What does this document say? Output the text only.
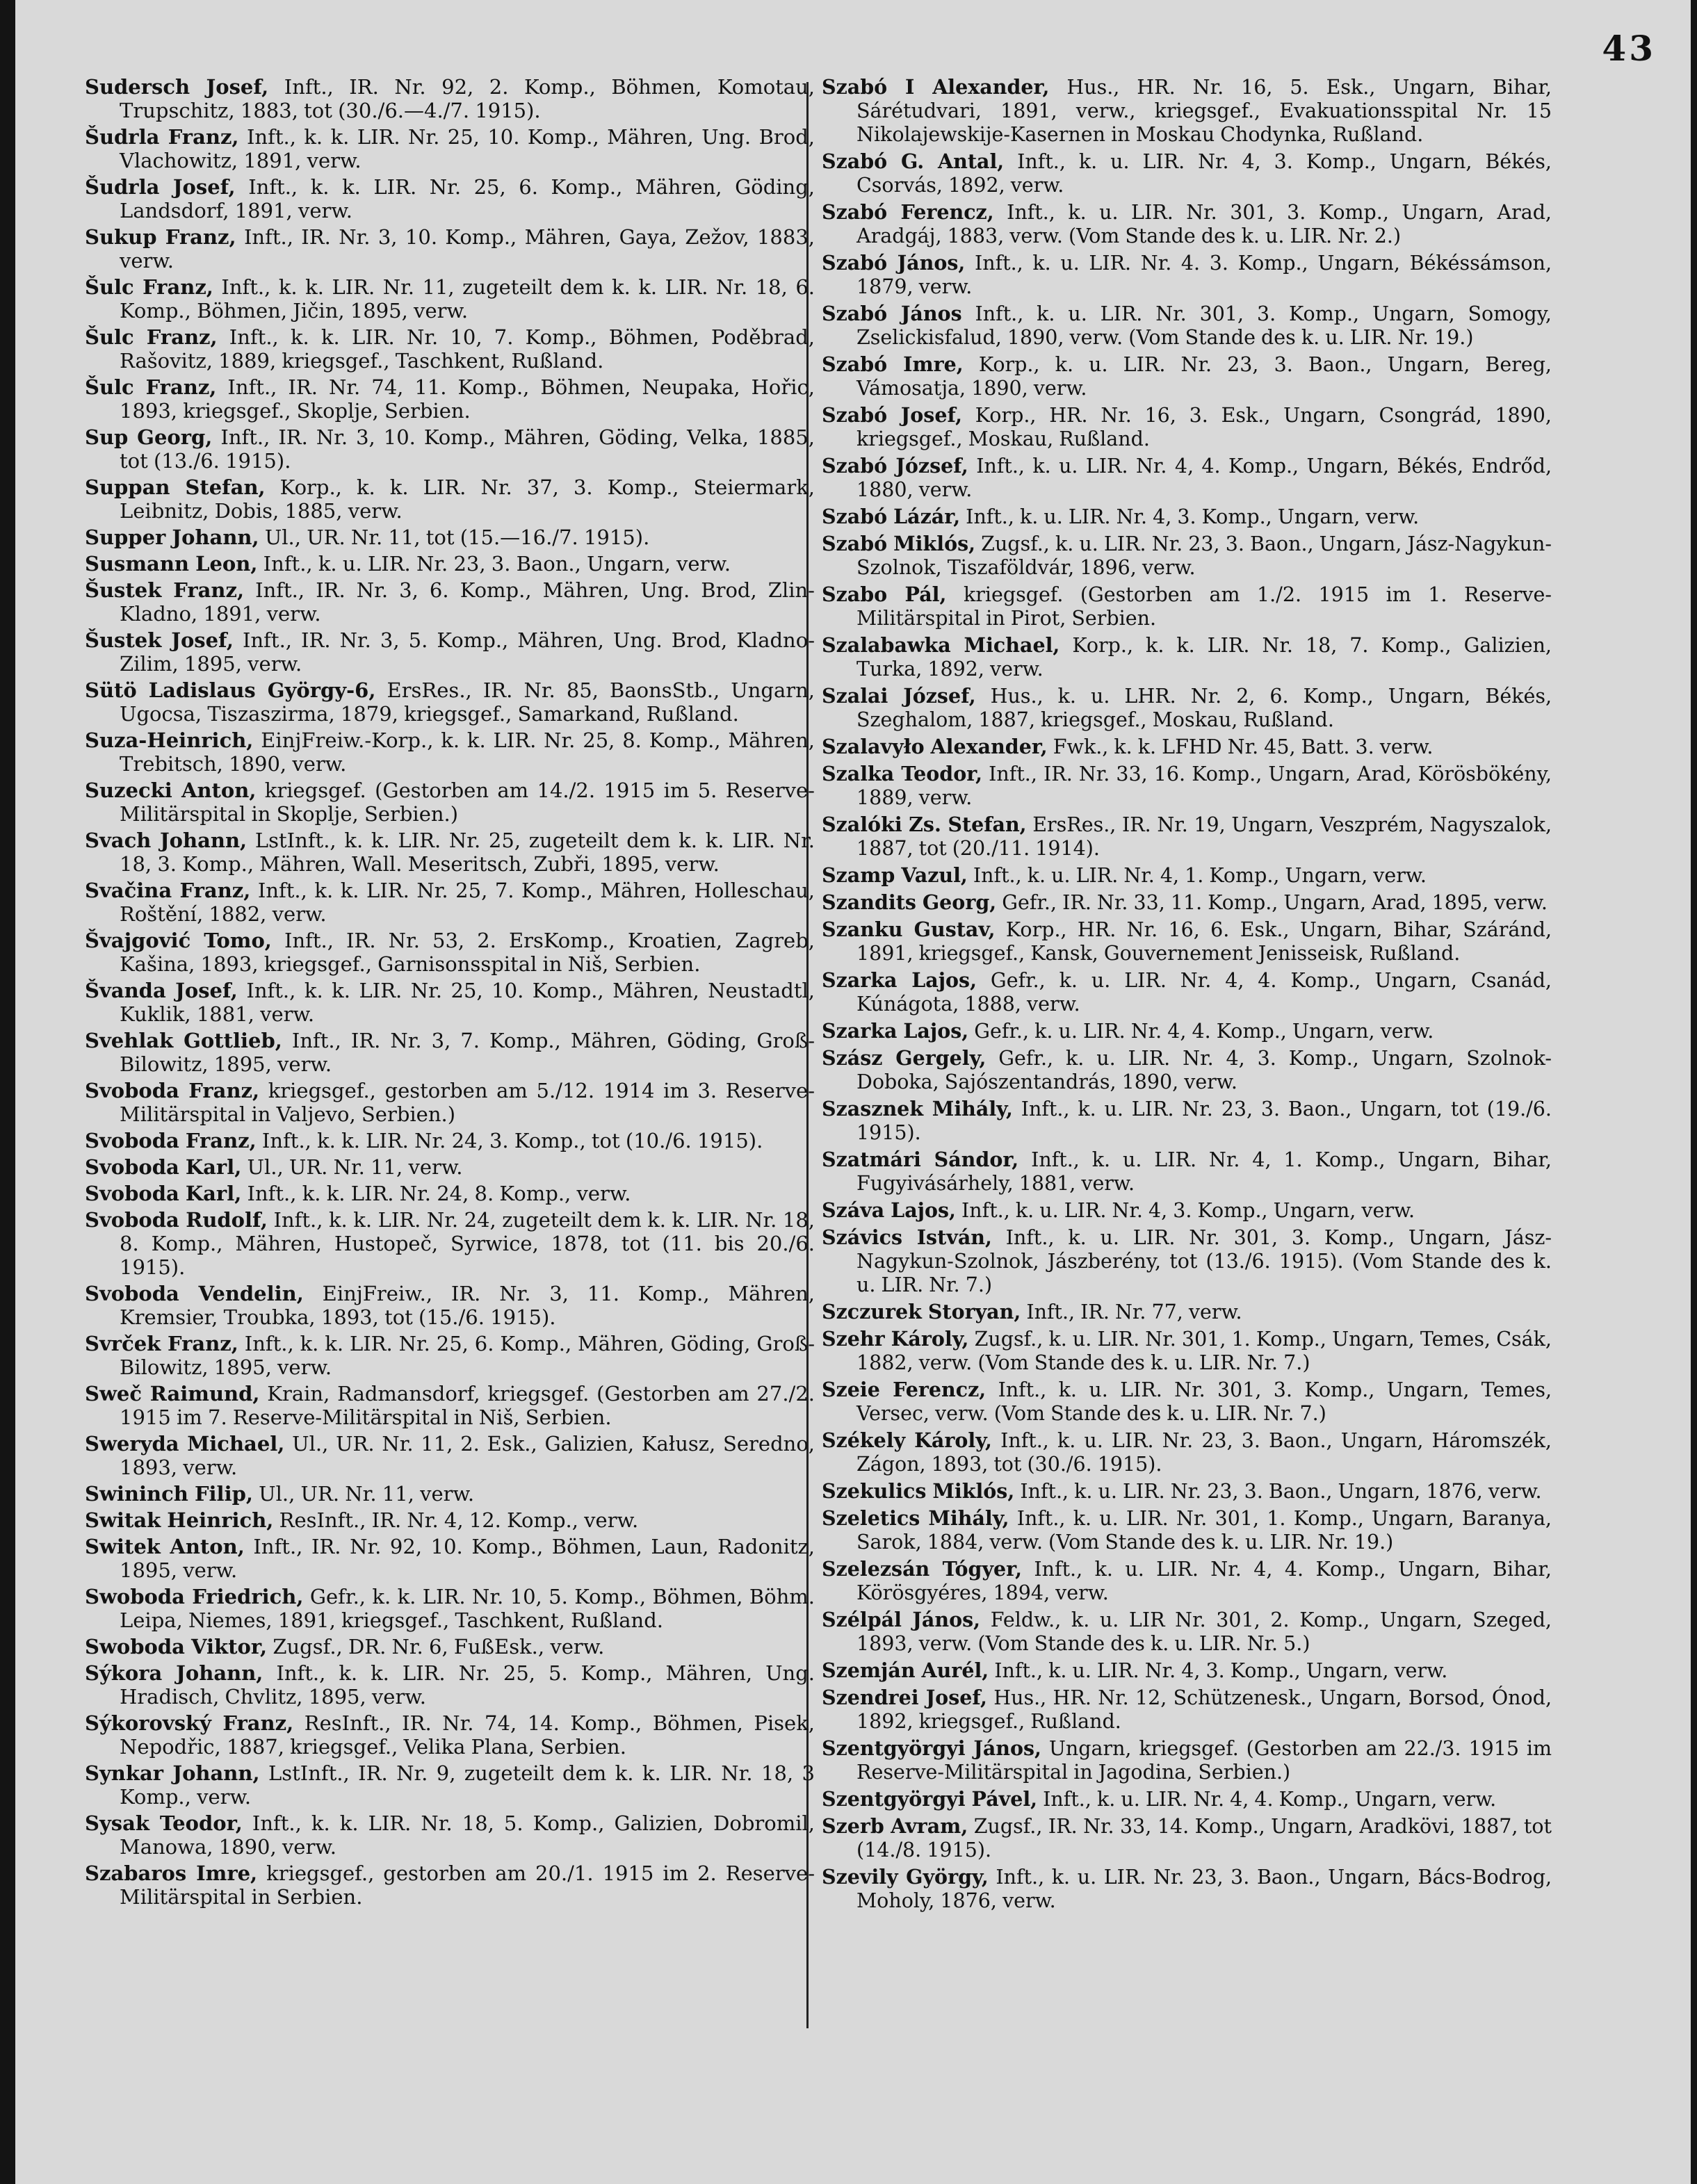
43

Sudersch Josef, Inft., IR. Nr. 92, 2. Komp., Böhmen, Komotau, Trupschitz, 1883, tot (30./6.—4./7. 1915).

Šudrla Franz, Inft., k. k. LIR. Nr. 25, 10. Komp., Mähren, Ung. Brod, Vlachowitz, 1891, verw.

Šudrla Josef, Inft., k. k. LIR. Nr. 25, 6. Komp., Mähren, Göding, Landsdorf, 1891, verw.

Sukup Franz, Inft., IR. Nr. 3, 10. Komp., Mähren, Gaya, Zežov, 1883, verw.

Šulc Franz, Inft., k. k. LIR. Nr. 11, zugeteilt dem k. k. LIR. Nr. 18, 6. Komp., Böhmen, Jičin, 1895, verw.

Šulc Franz, Inft., k. k. LIR. Nr. 10, 7. Komp., Böhmen, Poděbrad, Rašovitz, 1889, kriegsgef., Taschkent, Rußland.

Šulc Franz, Inft., IR. Nr. 74, 11. Komp., Böhmen, Neupaka, Hořic, 1893, kriegsgef., Skoplje, Serbien.

Sup Georg, Inft., IR. Nr. 3, 10. Komp., Mähren, Göding, Velka, 1885, tot (13./6. 1915).

Suppan Stefan, Korp., k. k. LIR. Nr. 37, 3. Komp., Steiermark, Leibnitz, Dobis, 1885, verw.

Supper Johann, Ul., UR. Nr. 11, tot (15.—16./7. 1915).

Susmann Leon, Inft., k. u. LIR. Nr. 23, 3. Baon., Ungarn, verw.

Šustek Franz, Inft., IR. Nr. 3, 6. Komp., Mähren, Ung. Brod, Zlin-Kladno, 1891, verw.

Šustek Josef, Inft., IR. Nr. 3, 5. Komp., Mähren, Ung. Brod, Kladno-Zilim, 1895, verw.

Sütö Ladislaus György-6, ErsRes., IR. Nr. 85, BaonsStb., Ungarn, Ugocsa, Tiszaszirma, 1879, kriegsgef., Samarkand, Rußland.

Suza-Heinrich, EinjFreiw.-Korp., k. k. LIR. Nr. 25, 8. Komp., Mähren, Trebitsch, 1890, verw.

Suzecki Anton, kriegsgef. (Gestorben am 14./2. 1915 im 5. Reserve-Militärspital in Skoplje, Serbien.)

Svach Johann, LstInft., k. k. LIR. Nr. 25, zugeteilt dem k. k. LIR. Nr. 18, 3. Komp., Mähren, Wall. Meseritsch, Zubři, 1895, verw.

Svačina Franz, Inft., k. k. LIR. Nr. 25, 7. Komp., Mähren, Holleschau, Roštění, 1882, verw.

Švajgović Tomo, Inft., IR. Nr. 53, 2. ErsKomp., Kroatien, Zagreb, Kašina, 1893, kriegsgef., Garnisonsspital in Niš, Serbien.

Švanda Josef, Inft., k. k. LIR. Nr. 25, 10. Komp., Mähren, Neustadtl, Kuklik, 1881, verw.

Svehlak Gottlieb, Inft., IR. Nr. 3, 7. Komp., Mähren, Göding, Groß-Bilowitz, 1895, verw.

Svoboda Franz, kriegsgef., gestorben am 5./12. 1914 im 3. Reserve-Militärspital in Valjevo, Serbien.)

Svoboda Franz, Inft., k. k. LIR. Nr. 24, 3. Komp., tot (10./6. 1915).

Svoboda Karl, Ul., UR. Nr. 11, verw.

Svoboda Karl, Inft., k. k. LIR. Nr. 24, 8. Komp., verw.

Svoboda Rudolf, Inft., k. k. LIR. Nr. 24, zugeteilt dem k. k. LIR. Nr. 18, 8. Komp., Mähren, Hustopeč, Syrwice, 1878, tot (11. bis 20./6. 1915).

Svoboda Vendelin, EinjFreiw., IR. Nr. 3, 11. Komp., Mähren, Kremsier, Troubka, 1893, tot (15./6. 1915).

Svrček Franz, Inft., k. k. LIR. Nr. 25, 6. Komp., Mähren, Göding, Groß-Bilowitz, 1895, verw.

Sweč Raimund, Krain, Radmansdorf, kriegsgef. (Gestorben am 27./2. 1915 im 7. Reserve-Militärspital in Niš, Serbien.

Sweryda Michael, Ul., UR. Nr. 11, 2. Esk., Galizien, Kałusz, Seredno, 1893, verw.

Swininch Filip, Ul., UR. Nr. 11, verw.

Switak Heinrich, ResInft., IR. Nr. 4, 12. Komp., verw.

Switek Anton, Inft., IR. Nr. 92, 10. Komp., Böhmen, Laun, Radonitz, 1895, verw.

Swoboda Friedrich, Gefr., k. k. LIR. Nr. 10, 5. Komp., Böhmen, Böhm. Leipa, Niemes, 1891, kriegsgef., Taschkent, Rußland.

Swoboda Viktor, Zugsf., DR. Nr. 6, FußEsk., verw.

Sýkora Johann, Inft., k. k. LIR. Nr. 25, 5. Komp., Mähren, Ung. Hradisch, Chvlitz, 1895, verw.

Sýkorovský Franz, ResInft., IR. Nr. 74, 14. Komp., Böhmen, Pisek, Nepodřic, 1887, kriegsgef., Velika Plana, Serbien.

Synkar Johann, LstInft., IR. Nr. 9, zugeteilt dem k. k. LIR. Nr. 18, 3 Komp., verw.

Sysak Teodor, Inft., k. k. LIR. Nr. 18, 5. Komp., Galizien, Dobromil, Manowa, 1890, verw.

Szabaros Imre, kriegsgef., gestorben am 20./1. 1915 im 2. Reserve-Militärspital in Serbien.

Szabó I Alexander, Hus., HR. Nr. 16, 5. Esk., Ungarn, Bihar, Sárétudvari, 1891, verw., kriegsgef., Evakuationsspital Nr. 15 Nikolajewskije-Kasernen in Moskau Chodynka, Rußland.

Szabó G. Antal, Inft., k. u. LIR. Nr. 4, 3. Komp., Ungarn, Békés, Csorvás, 1892, verw.

Szabó Ferencz, Inft., k. u. LIR. Nr. 301, 3. Komp., Ungarn, Arad, Aradgáj, 1883, verw. (Vom Stande des k. u. LIR. Nr. 2.)

Szabó János, Inft., k. u. LIR. Nr. 4. 3. Komp., Ungarn, Békéssámson, 1879, verw.

Szabó János Inft., k. u. LIR. Nr. 301, 3. Komp., Ungarn, Somogy, Zselickisfalud, 1890, verw. (Vom Stande des k. u. LIR. Nr. 19.)

Szabó Imre, Korp., k. u. LIR. Nr. 23, 3. Baon., Ungarn, Bereg, Vámosatja, 1890, verw.

Szabó Josef, Korp., HR. Nr. 16, 3. Esk., Ungarn, Csongrád, 1890, kriegsgef., Moskau, Rußland.

Szabó József, Inft., k. u. LIR. Nr. 4, 4. Komp., Ungarn, Békés, Endrőd, 1880, verw.

Szabó Lázár, Inft., k. u. LIR. Nr. 4, 3. Komp., Ungarn, verw.

Szabó Miklós, Zugsf., k. u. LIR. Nr. 23, 3. Baon., Ungarn, Jász-Nagykun-Szolnok, Tiszaföldvár, 1896, verw.

Szabo Pál, kriegsgef. (Gestorben am 1./2. 1915 im 1. Reserve-Militärspital in Pirot, Serbien.

Szalabawka Michael, Korp., k. k. LIR. Nr. 18, 7. Komp., Galizien, Turka, 1892, verw.

Szalai József, Hus., k. u. LHR. Nr. 2, 6. Komp., Ungarn, Békés, Szeghalom, 1887, kriegsgef., Moskau, Rußland.

Szalavyło Alexander, Fwk., k. k. LFHD Nr. 45, Batt. 3. verw.

Szalka Teodor, Inft., IR. Nr. 33, 16. Komp., Ungarn, Arad, Körösbökény, 1889, verw.

Szalóki Zs. Stefan, ErsRes., IR. Nr. 19, Ungarn, Veszprém, Nagyszalok, 1887, tot (20./11. 1914).

Szamp Vazul, Inft., k. u. LIR. Nr. 4, 1. Komp., Ungarn, verw.

Szandits Georg, Gefr., IR. Nr. 33, 11. Komp., Ungarn, Arad, 1895, verw.

Szanku Gustav, Korp., HR. Nr. 16, 6. Esk., Ungarn, Bihar, Száránd, 1891, kriegsgef., Kansk, Gouvernement Jenisseisk, Rußland.

Szarka Lajos, Gefr., k. u. LIR. Nr. 4, 4. Komp., Ungarn, Csanád, Kúnágota, 1888, verw.

Szarka Lajos, Gefr., k. u. LIR. Nr. 4, 4. Komp., Ungarn, verw.

Szász Gergely, Gefr., k. u. LIR. Nr. 4, 3. Komp., Ungarn, Szolnok-Doboka, Sajószentandrás, 1890, verw.

Szasznek Mihály, Inft., k. u. LIR. Nr. 23, 3. Baon., Ungarn, tot (19./6. 1915).

Szatmári Sándor, Inft., k. u. LIR. Nr. 4, 1. Komp., Ungarn, Bihar, Fugyivásárhely, 1881, verw.

Száva Lajos, Inft., k. u. LIR. Nr. 4, 3. Komp., Ungarn, verw.

Szávics István, Inft., k. u. LIR. Nr. 301, 3. Komp., Ungarn, Jász-Nagykun-Szolnok, Jászberény, tot (13./6. 1915). (Vom Stande des k. u. LIR. Nr. 7.)

Szczurek Storyan, Inft., IR. Nr. 77, verw.

Szehr Károly, Zugsf., k. u. LIR. Nr. 301, 1. Komp., Ungarn, Temes, Csák, 1882, verw. (Vom Stande des k. u. LIR. Nr. 7.)

Szeie Ferencz, Inft., k. u. LIR. Nr. 301, 3. Komp., Ungarn, Temes, Versec, verw. (Vom Stande des k. u. LIR. Nr. 7.)

Székely Károly, Inft., k. u. LIR. Nr. 23, 3. Baon., Ungarn, Háromszék, Zágon, 1893, tot (30./6. 1915).

Szekulics Miklós, Inft., k. u. LIR. Nr. 23, 3. Baon., Ungarn, 1876, verw.

Szeletics Mihály, Inft., k. u. LIR. Nr. 301, 1. Komp., Ungarn, Baranya, Sarok, 1884, verw. (Vom Stande des k. u. LIR. Nr. 19.)

Szelezsán Tógyer, Inft., k. u. LIR. Nr. 4, 4. Komp., Ungarn, Bihar, Körösgyéres, 1894, verw.

Szélpál János, Feldw., k. u. LIR Nr. 301, 2. Komp., Ungarn, Szeged, 1893, verw. (Vom Stande des k. u. LIR. Nr. 5.)

Szemján Aurél, Inft., k. u. LIR. Nr. 4, 3. Komp., Ungarn, verw.

Szendrei Josef, Hus., HR. Nr. 12, Schützenesk., Ungarn, Borsod, Ónod, 1892, kriegsgef., Rußland.

Szentgyörgyi János, Ungarn, kriegsgef. (Gestorben am 22./3. 1915 im Reserve-Militärspital in Jagodina, Serbien.)

Szentgyörgyi Pável, Inft., k. u. LIR. Nr. 4, 4. Komp., Ungarn, verw.

Szerb Avram, Zugsf., IR. Nr. 33, 14. Komp., Ungarn, Aradkövi, 1887, tot (14./8. 1915).

Szevily György, Inft., k. u. LIR. Nr. 23, 3. Baon., Ungarn, Bács-Bodrog, Moholy, 1876, verw.
